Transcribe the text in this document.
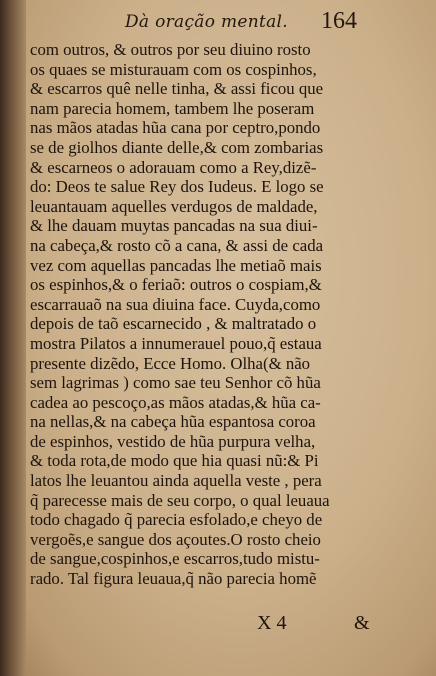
Dà oração mental. 164
com outros, & outros por seu diuino rosto
os quaes se misturauam com os cospinhos,
& escarros quê nelle tinha, & assi ficou que
nam parecia homem, tambem lhe poseram
nas mãos atadas hũa cana por ceptro,pondo
se de giolhos diante delle,& com zombarias
& escarneos o adorauam como a Rey,dizẽ-
do: Deos te salue Rey dos Iudeus. E logo se
leuantauam aquelles verdugos de maldade,
& lhe dauam muytas pancadas na sua diui-
na cabeça,& rosto cõ a cana, & assi de cada
vez com aquellas pancadas lhe metiaõ mais
os espinhos,& o feriaõ: outros o cospiam,&
escarrauaõ na sua diuina face. Cuyda,como
depois de taõ escarnecido , & maltratado o
mostra Pilatos a innumerauel pouo,q̃ estaua
presente dizẽdo, Ecce Homo. Olha(& não
sem lagrimas ) como sae teu Senhor cõ hũa
cadea ao pescoço,as mãos atadas,& hũa ca-
na nellas,& na cabeça hũa espantosa coroa
de espinhos, vestido de hũa purpura velha,
& toda rota,de modo que hia quasi nũ:& Pi
latos lhe leuantou ainda aquella veste , pera
q̃ parecesse mais de seu corpo, o qual leuaua
todo chagado q̃ parecia esfolado,e cheyo de
vergoẽs,e sangue dos açoutes.O rosto cheio
de sangue,cospinhos,e escarros,tudo mistu-
rado. Tal figura leuaua,q̃ não parecia homẽ
X 4	&
